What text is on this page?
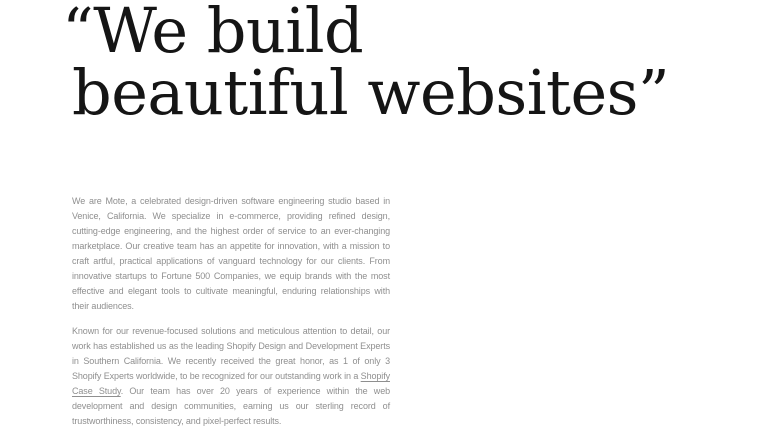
“We build
beautiful websites”

We are Mote, a celebrated design-driven software engineering studio based in Venice, California. We specialize in e-commerce, providing refined design, cutting-edge engineering, and the highest order of service to an ever-changing marketplace. Our creative team has an appetite for innovation, with a mission to craft artful, practical applications of vanguard technology for our clients. From innovative startups to Fortune 500 Companies, we equip brands with the most effective and elegant tools to cultivate meaningful, enduring relationships with their audiences.

Known for our revenue-focused solutions and meticulous attention to detail, our work has established us as the leading Shopify Design and Development Experts in Southern California. We recently received the great honor, as 1 of only 3 Shopify Experts worldwide, to be recognized for our outstanding work in a Shopify Case Study. Our team has over 20 years of experience within the web development and design communities, earning us our sterling record of trustworthiness, consistency, and pixel-perfect results.
